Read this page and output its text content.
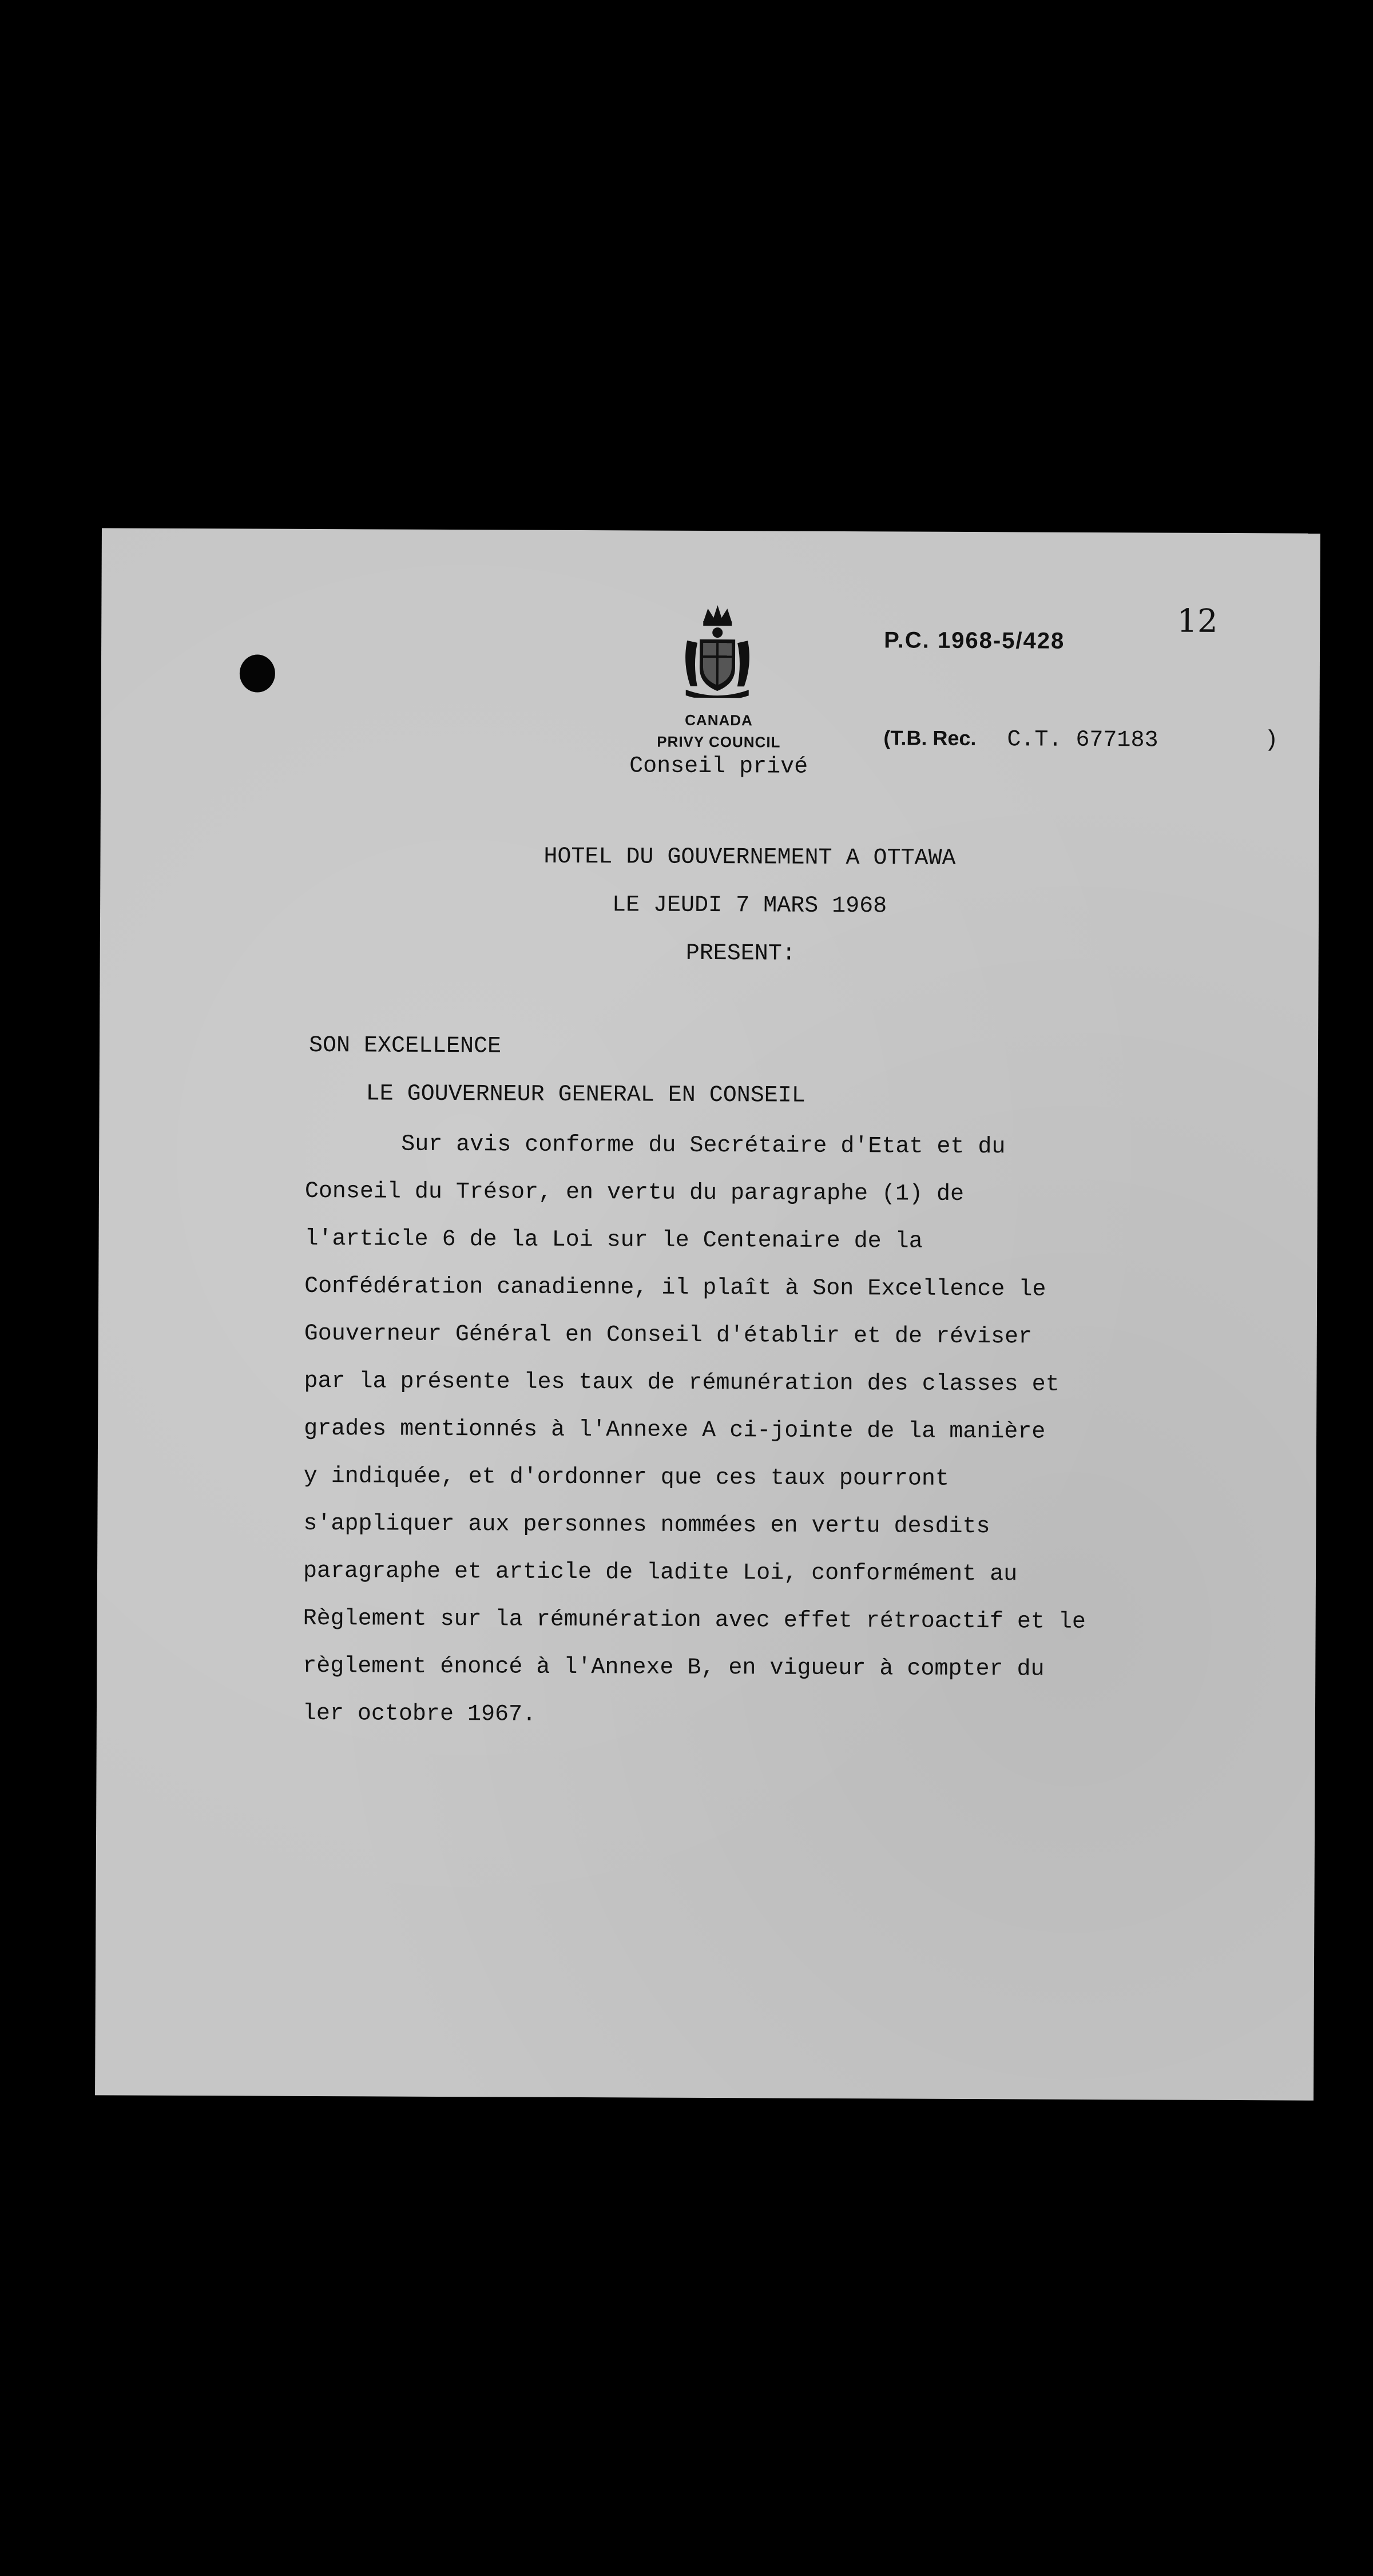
12
P.C. 1968-5/428
CANADA
PRIVY COUNCIL
Conseil privé
(T.B. Rec. C.T. 677183	)
HOTEL DU GOUVERNEMENT A OTTAWA
LE JEUDI 7 MARS 1968
PRESENT:
SON EXCELLENCE
LE GOUVERNEUR GENERAL EN CONSEIL
Sur avis conforme du Secrétaire d'Etat et du
Conseil du Trésor, en vertu du paragraphe (1) de
l'article 6 de la Loi sur le Centenaire de la
Confédération canadienne, il plaît à Son Excellence le
Gouverneur Général en Conseil d'établir et de réviser
par la présente les taux de rémunération des classes et
grades mentionnés à l'Annexe A ci-jointe de la manière
y indiquée, et d'ordonner que ces taux pourront
s'appliquer aux personnes nommées en vertu desdits
paragraphe et article de ladite Loi, conformément au
Règlement sur la rémunération avec effet rétroactif et le
règlement énoncé à l'Annexe B, en vigueur à compter du
ler octobre 1967.
